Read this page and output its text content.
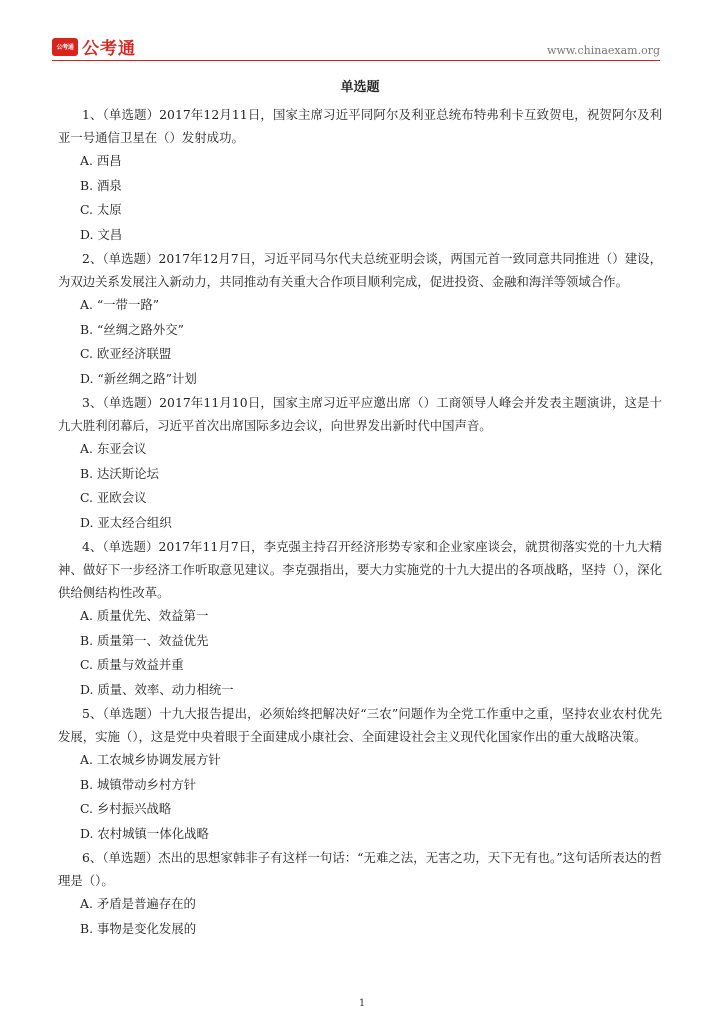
公考通 公考通	www.chinaexam.org

单选题

1、（单选题）2017年12月11日，国家主席习近平同阿尔及利亚总统布特弗利卡互致贺电，祝贺阿尔及利亚一号通信卫星在（）发射成功。

A. 西昌

B. 酒泉

C. 太原

D. 文昌

2、（单选题）2017年12月7日，习近平同马尔代夫总统亚明会谈，两国元首一致同意共同推进（）建设，为双边关系发展注入新动力，共同推动有关重大合作项目顺利完成，促进投资、金融和海洋等领域合作。

A. “一带一路”

B. “丝绸之路外交”

C. 欧亚经济联盟

D. “新丝绸之路”计划

3、（单选题）2017年11月10日，国家主席习近平应邀出席（）工商领导人峰会并发表主题演讲，这是十九大胜利闭幕后，习近平首次出席国际多边会议，向世界发出新时代中国声音。

A. 东亚会议

B. 达沃斯论坛

C. 亚欧会议

D. 亚太经合组织

4、（单选题）2017年11月7日，李克强主持召开经济形势专家和企业家座谈会，就贯彻落实党的十九大精神、做好下一步经济工作听取意见建议。李克强指出，要大力实施党的十九大提出的各项战略，坚持（），深化供给侧结构性改革。

A. 质量优先、效益第一

B. 质量第一、效益优先

C. 质量与效益并重

D. 质量、效率、动力相统一

5、（单选题）十九大报告提出，必须始终把解决好“三农”问题作为全党工作重中之重，坚持农业农村优先发展，实施（），这是党中央着眼于全面建成小康社会、全面建设社会主义现代化国家作出的重大战略决策。

A. 工农城乡协调发展方针

B. 城镇带动乡村方针

C. 乡村振兴战略

D. 农村城镇一体化战略

6、（单选题）杰出的思想家韩非子有这样一句话：“无难之法，无害之功，天下无有也。”这句话所表达的哲理是（）。

A. 矛盾是普遍存在的

B. 事物是变化发展的

1
